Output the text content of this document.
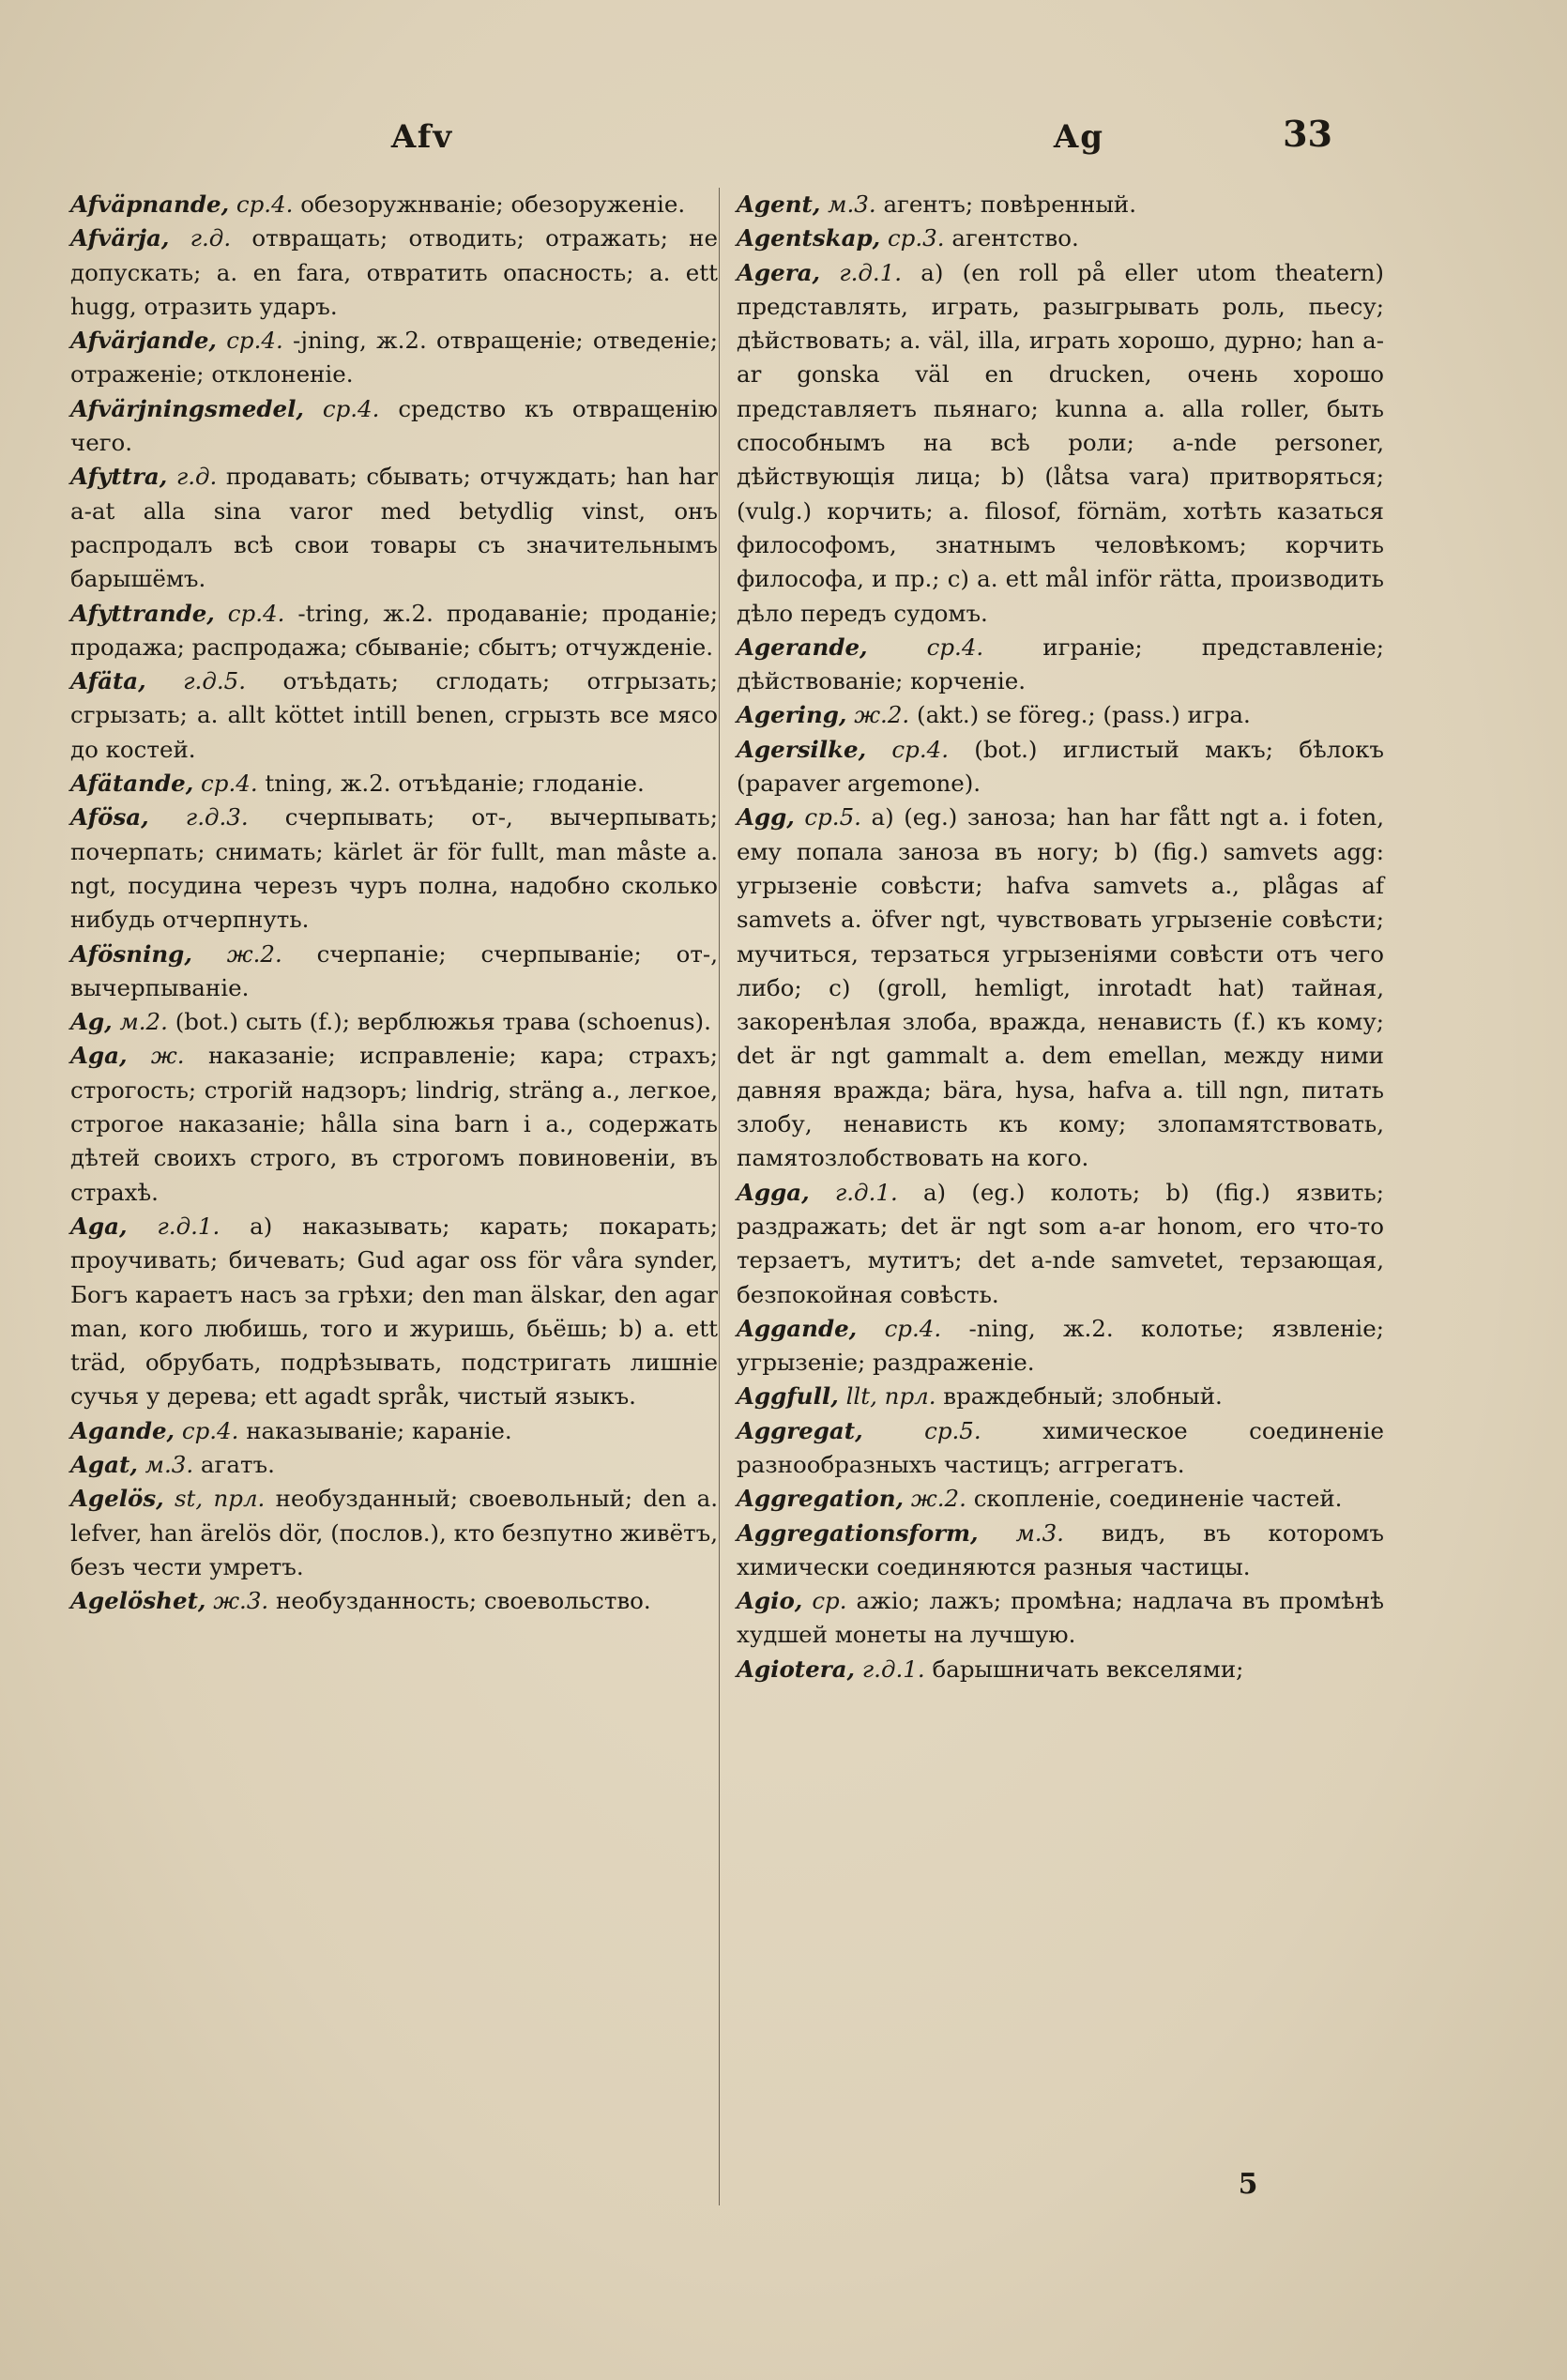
Afv	Ag	33

Afväpnande, ср.4. обезоружнваніе; обезоруженіе.

Afvärja, г.д. отвращать; отводить; отражать; не допускать; a. en fara, отвратить опасность; a. ett hugg, отразить ударъ.

Afvärjande, ср.4. -jning, ж.2. отвращеніе; отведеніе; отраженіе; отклоненіе.

Afvärjningsmedel, ср.4. средство къ отвращенію чего.

Afyttra, г.д. продавать; сбывать; отчуждать; han har a-at alla sina varor med betydlig vinst, онъ распродалъ всѣ свои товары съ значительнымъ барышёмъ.

Afyttrande, ср.4. -tring, ж.2. продаваніе; проданіе; продажа; распродажа; сбываніе; сбытъ; отчужденіе.

Afäta, г.д.5. отъѣдать; сглодать; отгрызать; сгрызать; a. allt köttet intill benen, сгрызть все мясо до костей.

Afätande, ср.4. tning, ж.2. отъѣданіе; глоданіе.

Afösa, г.д.3. счерпывать; от-, вычерпывать; почерпать; снимать; kärlet är för fullt, man måste a. ngt, посудина черезъ чуръ полна, надобно сколько нибудь отчерпнуть.

Afösning, ж.2. счерпаніе; счерпываніе; от-, вычерпываніе.

Ag, м.2. (bot.) сыть (f.); верблюжья трава (schoenus).

Aga, ж. наказаніе; исправленіе; кара; страхъ; строгость; строгій надзоръ; lindrig, sträng a., легкое, строгое наказаніе; hålla sina barn i a., содержать дѣтей своихъ строго, въ строгомъ повиновеніи, въ страхѣ.

Aga, г.д.1. a) наказывать; карать; покарать; проучивать; бичевать; Gud agar oss för våra synder, Богъ караетъ насъ за грѣхи; den man älskar, den agar man, кого любишь, того и журишь, бьёшь; b) a. ett träd, обрубать, подрѣзывать, подстригать лишніе сучья у дерева; ett agadt språk, чистый языкъ.

Agande, ср.4. наказываніе; караніе.

Agat, м.3. агатъ.

Agelös, st, прл. необузданный; своевольный; den a. lefver, han ärelös dör, (послов.), кто безпутно живётъ, безъ чести умретъ.

Agelöshet, ж.3. необузданность; своевольство.

Agent, м.3. агентъ; повѣренный.

Agentskap, ср.3. агентство.

Agera, г.д.1. a) (en roll på eller utom theatern) представлять, играть, разыгрывать роль, пьесу; дѣйствовать; a. väl, illa, играть хорошо, дурно; han a-ar gonska väl en drucken, очень хорошо представляетъ пьянаго; kunna a. alla roller, быть способнымъ на всѣ роли; a-nde personer, дѣйствующія лица; b) (låtsa vara) притворяться; (vulg.) корчить; a. filosof, förnäm, хотѣть казаться философомъ, знатнымъ человѣкомъ; корчить философа, и пр.; c) a. ett mål inför rätta, производить дѣло передъ судомъ.

Agerande, ср.4. играніе; представленіе; дѣйствованіе; корченіе.

Agering, ж.2. (akt.) se föreg.; (pass.) игра.

Agersilke, ср.4. (bot.) иглистый макъ; бѣлокъ (papaver argemone).

Agg, ср.5. a) (eg.) заноза; han har fått ngt a. i foten, ему попала заноза въ ногу; b) (fig.) samvets agg: угрызеніе совѣсти; hafva samvets a., plågas af samvets a. öfver ngt, чувствовать угрызеніе совѣсти; мучиться, терзаться угрызеніями совѣсти отъ чего либо; c) (groll, hemligt, inrotadt hat) тайная, закоренѣлая злоба, вражда, ненависть (f.) къ кому; det är ngt gammalt a. dem emellan, между ними давняя вражда; bära, hysa, hafva a. till ngn, питать злобу, ненависть къ кому; злопамятствовать, памятозлобствовать на кого.

Agga, г.д.1. a) (eg.) колоть; b) (fig.) язвить; раздражать; det är ngt som a-ar honom, его что-то терзаетъ, мутитъ; det a-nde samvetet, терзающая, безпокойная совѣсть.

Aggande, ср.4. -ning, ж.2. колотье; язвленіе; угрызеніе; раздраженіе.

Aggfull, llt, прл. враждебный; злобный.

Aggregat, ср.5. химическое соединеніе разнообразныхъ частицъ; аггрегатъ.

Aggregation, ж.2. скопленіе, соединеніе частей.

Aggregationsform, м.3. видъ, въ которомъ химически соединяются разныя частицы.

Agio, ср. ажіо; лажъ; промѣна; надлача въ промѣнѣ худшей монеты на лучшую.

Agiotera, г.д.1. барышничать векселями;

5
